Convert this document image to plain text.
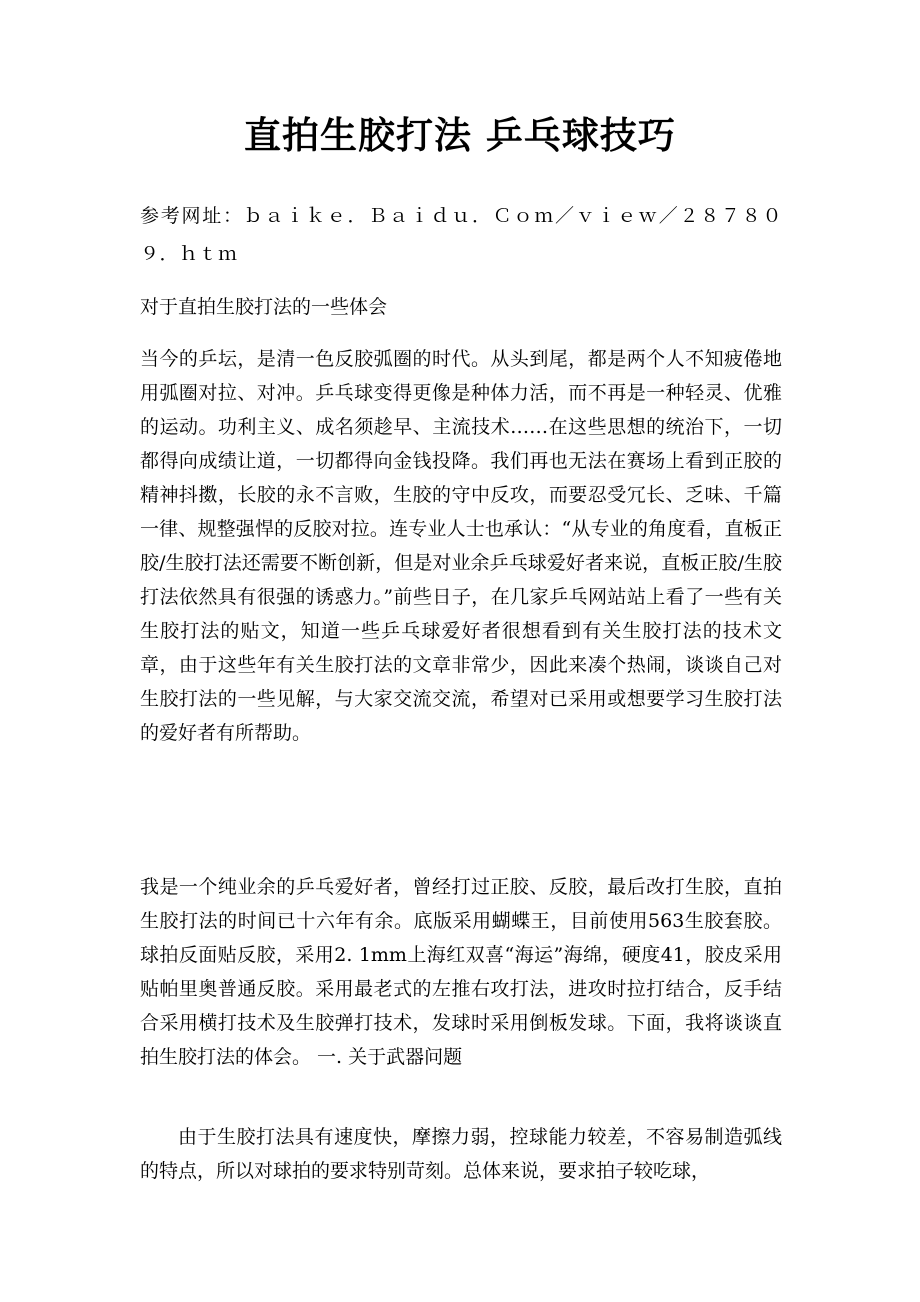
直拍生胶打法 乒乓球技巧

参考网址：ｂａｉｋｅ．Ｂａｉｄｕ．Ｃｏｍ／ｖｉｅｗ／２８７８０９．ｈｔｍ

对于直拍生胶打法的一些体会

当今的乒坛，是清一色反胶弧圈的时代。从头到尾，都是两个人不知疲倦地用弧圈对拉、对冲。乒乓球变得更像是种体力活，而不再是一种轻灵、优雅的运动。功利主义、成名须趁早、主流技术……在这些思想的统治下，一切都得向成绩让道，一切都得向金钱投降。我们再也无法在赛场上看到正胶的精神抖擞，长胶的永不言败，生胶的守中反攻，而要忍受冗长、乏味、千篇一律、规整强悍的反胶对拉。连专业人士也承认：“从专业的角度看，直板正胶/生胶打法还需要不断创新，但是对业余乒乓球爱好者来说，直板正胶/生胶打法依然具有很强的诱惑力。”前些日子，在几家乒乓网站站上看了一些有关生胶打法的贴文，知道一些乒乓球爱好者很想看到有关生胶打法的技术文章，由于这些年有关生胶打法的文章非常少，因此来凑个热闹，谈谈自己对生胶打法的一些见解，与大家交流交流，希望对已采用或想要学习生胶打法的爱好者有所帮助。

我是一个纯业余的乒乓爱好者，曾经打过正胶、反胶，最后改打生胶，直拍生胶打法的时间已十六年有余。底版采用蝴蝶王，目前使用563生胶套胶。球拍反面贴反胶，采用2. 1mm上海红双喜“海运”海绵，硬度41，胶皮采用贴帕里奥普通反胶。采用最老式的左推右攻打法，进攻时拉打结合，反手结合采用横打技术及生胶弹打技术，发球时采用倒板发球。下面，我将谈谈直拍生胶打法的体会。 一. 关于武器问题

由于生胶打法具有速度快，摩擦力弱，控球能力较差，不容易制造弧线的特点，所以对球拍的要求特别苛刻。总体来说，要求拍子较吃球，
